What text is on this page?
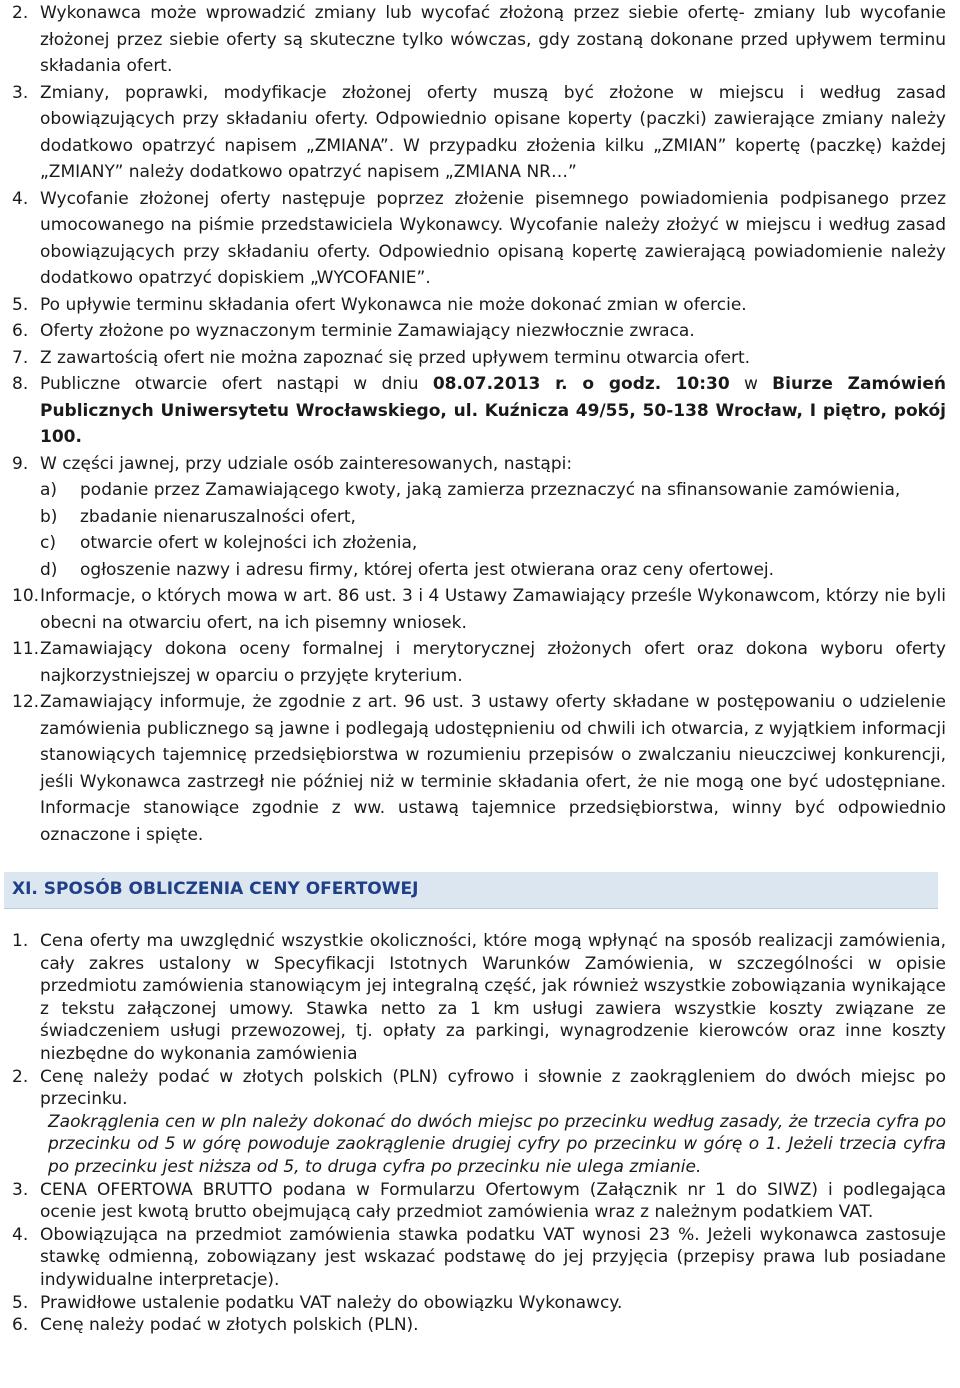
2. Wykonawca może wprowadzić zmiany lub wycofać złożoną przez siebie ofertę- zmiany lub wycofanie złożonej przez siebie oferty są skuteczne tylko wówczas, gdy zostaną dokonane przed upływem terminu składania ofert.
3. Zmiany, poprawki, modyfikacje złożonej oferty muszą być złożone w miejscu i według zasad obowiązujących przy składaniu oferty. Odpowiednio opisane koperty (paczki) zawierające zmiany należy dodatkowo opatrzyć napisem „ZMIANA”. W przypadku złożenia kilku „ZMIAN” kopertę (paczkę) każdej „ZMIANY” należy dodatkowo opatrzyć napisem „ZMIANA NR…”
4. Wycofanie złożonej oferty następuje poprzez złożenie pisemnego powiadomienia podpisanego przez umocowanego na piśmie przedstawiciela Wykonawcy. Wycofanie należy złożyć w miejscu i według zasad obowiązujących przy składaniu oferty. Odpowiednio opisaną kopertę zawierającą powiadomienie należy dodatkowo opatrzyć dopiskiem „WYCOFANIE”.
5. Po upływie terminu składania ofert Wykonawca nie może dokonać zmian w ofercie.
6. Oferty złożone po wyznaczonym terminie Zamawiający niezwłocznie zwraca.
7. Z zawartością ofert nie można zapoznać się przed upływem terminu otwarcia ofert.
8. Publiczne otwarcie ofert nastąpi w dniu 08.07.2013 r. o godz. 10:30 w Biurze Zamówień Publicznych Uniwersytetu Wrocławskiego, ul. Kuźnicza 49/55, 50-138 Wrocław, I piętro, pokój 100.
9. W części jawnej, przy udziale osób zainteresowanych, nastąpi:
a) podanie przez Zamawiającego kwoty, jaką zamierza przeznaczyć na sfinansowanie zamówienia,
b) zbadanie nienaruszalności ofert,
c) otwarcie ofert w kolejności ich złożenia,
d) ogłoszenie nazwy i adresu firmy, której oferta jest otwierana oraz ceny ofertowej.
10. Informacje, o których mowa w art. 86 ust. 3 i 4 Ustawy Zamawiający prześle Wykonawcom, którzy nie byli obecni na otwarciu ofert, na ich pisemny wniosek.
11. Zamawiający dokona oceny formalnej i merytorycznej złożonych ofert oraz dokona wyboru oferty najkorzystniejszej w oparciu o przyjęte kryterium.
12. Zamawiający informuje, że zgodnie z art. 96 ust. 3 ustawy oferty składane w postępowaniu o udzielenie zamówienia publicznego są jawne i podlegają udostępnieniu od chwili ich otwarcia, z wyjątkiem informacji stanowiących tajemnicę przedsiębiorstwa w rozumieniu przepisów o zwalczaniu nieuczciwej konkurencji, jeśli Wykonawca zastrzegł nie później niż w terminie składania ofert, że nie mogą one być udostępniane. Informacje stanowiące zgodnie z ww. ustawą tajemnice przedsiębiorstwa, winny być odpowiednio oznaczone i spięte.
XI. SPOSÓB OBLICZENIA CENY OFERTOWEJ
1. Cena oferty ma uwzględnić wszystkie okoliczności, które mogą wpłynąć na sposób realizacji zamówienia, cały zakres ustalony w Specyfikacji Istotnych Warunków Zamówienia, w szczególności w opisie przedmiotu zamówienia stanowiącym jej integralną część, jak również wszystkie zobowiązania wynikające z tekstu załączonej umowy. Stawka netto za 1 km usługi zawiera wszystkie koszty związane ze świadczeniem usługi przewozowej, tj. opłaty za parkingi, wynagrodzenie kierowców oraz inne koszty niezbędne do wykonania zamówienia
2. Cenę należy podać w złotych polskich (PLN) cyfrowo i słownie z zaokrągleniem do dwóch miejsc po przecinku.
Zaokrąglenia cen w pln należy dokonać do dwóch miejsc po przecinku według zasady, że trzecia cyfra po przecinku od 5 w górę powoduje zaokrąglenie drugiej cyfry po przecinku w górę o 1. Jeżeli trzecia cyfra po przecinku jest niższa od 5, to druga cyfra po przecinku nie ulega zmianie.
3. CENA OFERTOWA BRUTTO podana w Formularzu Ofertowym (Załącznik nr 1 do SIWZ) i podlegająca ocenie jest kwotą brutto obejmującą cały przedmiot zamówienia wraz z należnym podatkiem VAT.
4. Obowiązująca na przedmiot zamówienia stawka podatku VAT wynosi 23 %. Jeżeli wykonawca zastosuje stawkę odmienną, zobowiązany jest wskazać podstawę do jej przyjęcia (przepisy prawa lub posiadane indywidualne interpretacje).
5. Prawidłowe ustalenie podatku VAT należy do obowiązku Wykonawcy.
6. Cenę należy podać w złotych polskich (PLN).
